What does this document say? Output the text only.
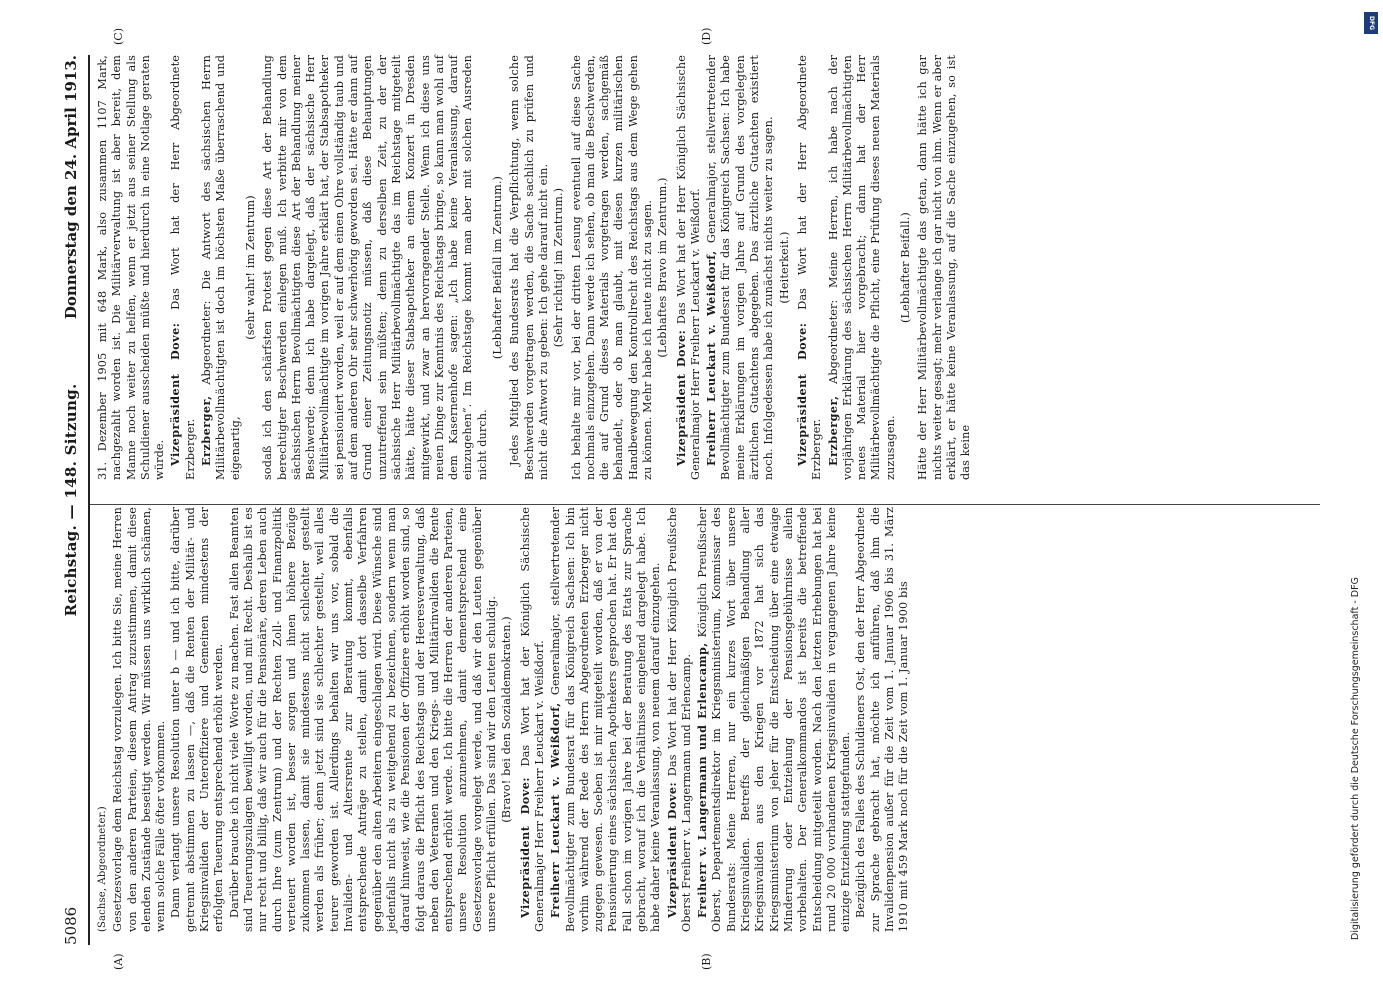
5086
Reichstag. — 148. Sitzung.
Donnerstag den 24. April 1913.
(A)	(B)
(C)	(D)

(Sachse, Abgeordneter.) Gesetzesvorlage dem Reichstag vorzulegen. Ich bitte Sie, meine Herren von den anderen Parteien, diesem Antrag zuzustimmen, damit diese elenden Zustände beseitigt werden. Wir müssen uns wirklich schämen, wenn solche Fälle öfter vorkommen. Dann verlangt unsere Resolution unter b — und ich bitte, darüber getrennt abstimmen zu lassen —, daß die Renten der Militär- und Kriegsinvaliden der Unteroffiziere und Gemeinen mindestens der erfolgten Teuerung entsprechend erhöht werden. Darüber brauche ich nicht viele Worte zu machen. Fast allen Beamten sind Teuerungszulagen bewilligt worden, und mit Recht. Deshalb ist es nur recht und billig, daß wir auch für die Pensionäre, deren Leben auch durch Ihre (zum Zentrum) und der Rechten Zoll- und Finanzpolitik verteuert worden ist, besser sorgen und ihnen höhere Bezüge zukommen lassen, damit sie mindestens nicht schlechter gestellt werden als früher; denn jetzt sind sie schlechter gestellt, weil alles teurer geworden ist. Allerdings behalten wir uns vor, sobald die Invaliden- und Altersrente zur Beratung kommt, ebenfalls entsprechende Anträge zu stellen, damit dort dasselbe Verfahren gegenüber den alten Arbeitern eingeschlagen wird. Diese Wünsche sind jedenfalls nicht als zu weitgehend zu bezeichnen, sondern wenn man darauf hinweist, wie die Pensionen der Offiziere erhöht worden sind, so folgt daraus die Pflicht des Reichstags und der Heeresverwaltung, daß neben den Veteranen und den Kriegs- und Militärinvaliden die Rente entsprechend erhöht werde. Ich bitte die Herren der anderen Parteien, unsere Resolution anzunehmen, damit dementsprechend eine Gesetzesvorlage vorgelegt werde, und daß wir den Leuten gegenüber unsere Pflicht erfüllen. Das sind wir den Leuten schuldig. (Bravo! bei den Sozialdemokraten.)

Vizepräsident Dove: Das Wort hat der Königlich Sächsische Generalmajor Herr Freiherr Leuckart v. Weißdorf. Freiherr Leuckart v. Weißdorf, Generalmajor, stellvertretender Bevollmächtigter zum Bundesrat für das Königreich Sachsen: Ich bin vorhin während der Rede des Herrn Abgeordneten Erzberger nicht zugegen gewesen. Soeben ist mir mitgeteilt worden, daß er von der Pensionierung eines sächsischen Apothekers gesprochen hat. Er hat den Fall schon im vorigen Jahre bei der Beratung des Etats zur Sprache gebracht, worauf ich die Verhältnisse eingehend dargelegt habe. Ich habe daher keine Veranlassung, von neuem darauf einzugehen. Vizepräsident Dove: Das Wort hat der Herr Königlich Preußische Oberst Freiherr v. Langermann und Erlencamp. Freiherr v. Langermann und Erlencamp, Königlich Preußischer Oberst, Departementsdirektor im Kriegsministerium, Kommissar des Bundesrats: Meine Herren, nur ein kurzes Wort über unsere Kriegsinvaliden. Betreffs der gleichmäßigen Behandlung aller Kriegsinvaliden aus den Kriegen vor 1872 hat sich das Kriegsministerium von jeher für die Entscheidung über eine etwaige Minderung oder Entziehung der Pensionsgebührnisse allein vorbehalten. Der Generalkommandos ist bereits die betreffende Entscheidung mitgeteilt worden. Nach den letzten Erhebungen hat bei rund 20 000 vorhandenen Kriegsinvaliden in vergangenen Jahre keine einzige Entziehung stattgefunden. Bezüglich des Falles des Schuldieners Ost, den der Herr Abgeordnete zur Sprache gebracht hat, möchte ich anführen, daß ihm die Invalidenpension außer für die Zeit vom 1. Januar 1906 bis 31. März 1910 mit 459 Mark noch für die Zeit vom 1. Januar 1900 bis

31. Dezember 1905 mit 648 Mark, also zusammen 1107 Mark, nachgezahlt worden ist. Die Militärverwaltung ist aber bereit, dem Manne noch weiter zu helfen, wenn er jetzt aus seiner Stellung als Schuldiener ausscheiden müßte und hierdurch in eine Notlage geraten würde. Vizepräsident Dove: Das Wort hat der Herr Abgeordnete Erzberger. Erzberger, Abgeordneter: Die Antwort des sächsischen Herrn Militärbevollmächtigten ist doch im höchsten Maße überraschend und eigenartig,

(sehr wahr! im Zentrum) sodaß ich den schärfsten Protest gegen diese Art der Behandlung berechtigter Beschwerden einlegen muß. Ich verbitte mir von dem sächsischen Herrn Bevollmächtigten diese Art der Behandlung meiner Beschwerde; denn ich habe dargelegt, daß der sächsische Herr Militärbevollmächtigte im vorigen Jahre erklärt hat, der Stabsapotheker sei pensioniert worden, weil er auf dem einen Ohre vollständig taub und auf dem anderen Ohr sehr schwerhörig geworden sei. Hätte er dann auf Grund einer Zeitungsnotiz müssen, daß diese Behauptungen unzutreffend sein müßten; denn zu derselben Zeit, zu der der sächsische Herr Militärbevollmächtigte das im Reichstage mitgeteilt hätte, hätte dieser Stabsapotheker an einem Konzert in Dresden mitgewirkt, und zwar an hervorragender Stelle. Wenn ich diese uns neuen Dinge zur Kenntnis des Reichstags bringe, so kann man wohl auf dem Kasernenhofe sagen: „Ich habe keine Veranlassung, darauf einzugehen“. Im Reichstage kommt man aber mit solchen Ausreden nicht durch.

(Lebhafter Beifall im Zentrum.) Jedes Mitglied des Bundesrats hat die Verpflichtung, wenn solche Beschwerden vorgetragen werden, die Sache sachlich zu prüfen und nicht die Antwort zu geben: Ich gehe darauf nicht ein. (Sehr richtig! im Zentrum.) Ich behalte mir vor, bei der dritten Lesung eventuell auf diese Sache nochmals einzugehen. Dann werde ich sehen, ob man die Beschwerden, die auf Grund dieses Materials vorgetragen werden, sachgemäß behandelt, oder ob man glaubt, mit diesen kurzen militärischen Handbewegung den Kontrollrecht des Reichstags aus dem Wege gehen zu können. Mehr habe ich heute nicht zu sagen. (Lebhaftes Bravo im Zentrum.)

Vizepräsident Dove: Das Wort hat der Herr Königlich Sächsische Generalmajor Herr Freiherr Leuckart v. Weißdorf. Freiherr Leuckart v. Weißdorf, Generalmajor, stellvertretender Bevollmächtigter zum Bundesrat für das Königreich Sachsen: Ich habe meine Erklärungen im vorigen Jahre auf Grund des vorgelegten ärztlichen Gutachtens abgegeben. Das ärztliche Gutachten existiert noch. Infolgedessen habe ich zunächst nichts weiter zu sagen. (Heiterkeit.)

Vizepräsident Dove: Das Wort hat der Herr Abgeordnete Erzberger. Erzberger, Abgeordneter: Meine Herren, ich habe nach der vorjährigen Erklärung des sächsischen Herrn Militärbevollmächtigten neues Material hier vorgebracht; dann hat der Herr Militärbevollmächtigte die Pflicht, eine Prüfung dieses neuen Materials zuzusagen.

(Lebhafter Beifall.) Hätte der Herr Militärbevollmächtigte das getan, dann hätte ich gar nichts weiter gesagt; mehr verlange ich gar nicht von ihm. Wenn er aber erklärt, er hätte keine Veranlassung, auf die Sache einzugehen, so ist das keine

Digitalisierung gefördert durch die Deutsche Forschungsgemeinschaft - DFG
DFG
